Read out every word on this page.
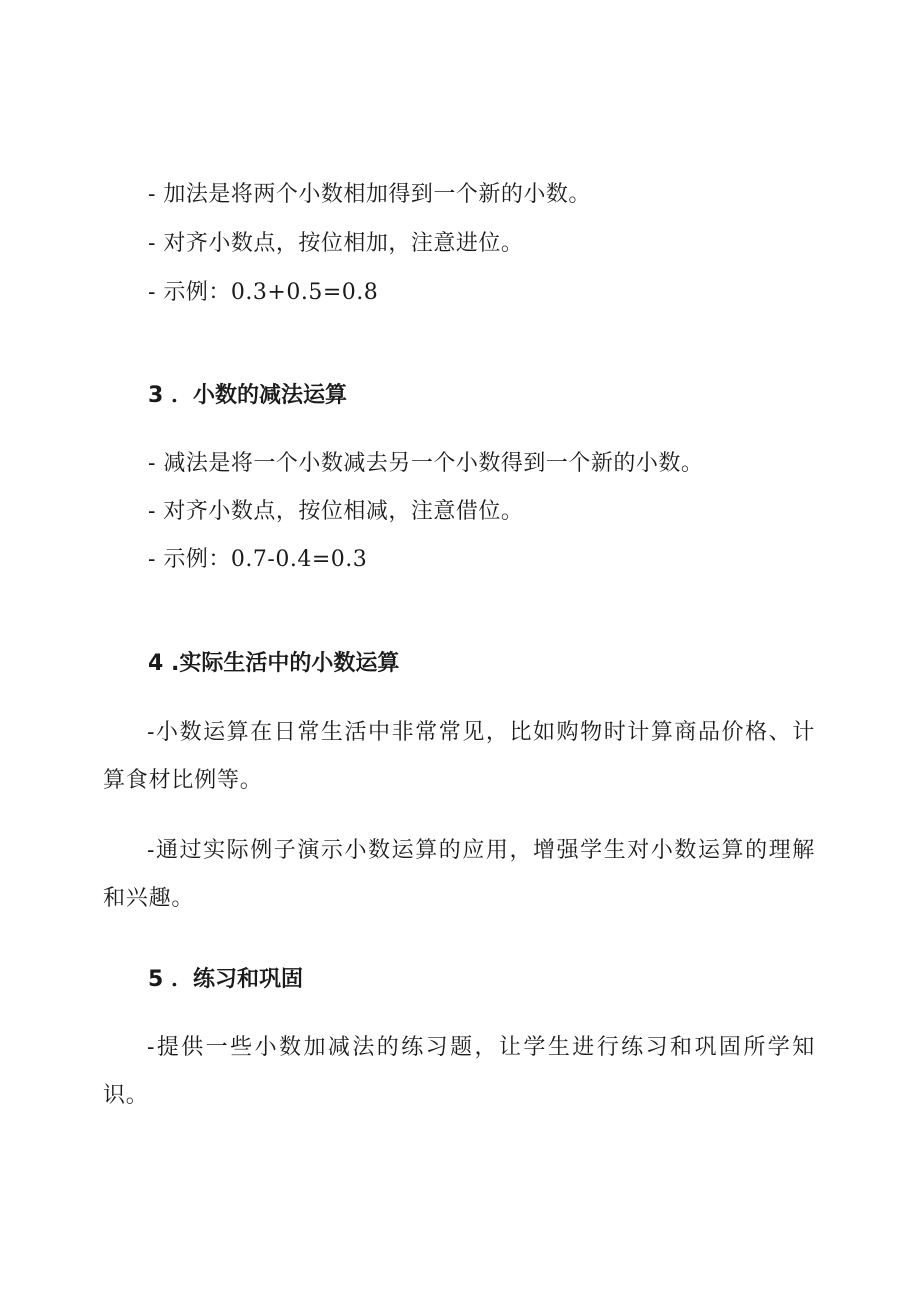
- 加法是将两个小数相加得到一个新的小数。
- 对齐小数点，按位相加，注意进位。
- 示例：0.3+0.5=0.8
3 ．小数的减法运算
- 减法是将一个小数减去另一个小数得到一个新的小数。
- 对齐小数点，按位相减，注意借位。
- 示例：0.7-0.4=0.3
4 .实际生活中的小数运算
-小数运算在日常生活中非常常见，比如购物时计算商品价格、计算食材比例等。
-通过实际例子演示小数运算的应用，增强学生对小数运算的理解和兴趣。
5 ．练习和巩固
-提供一些小数加减法的练习题，让学生进行练习和巩固所学知识。
